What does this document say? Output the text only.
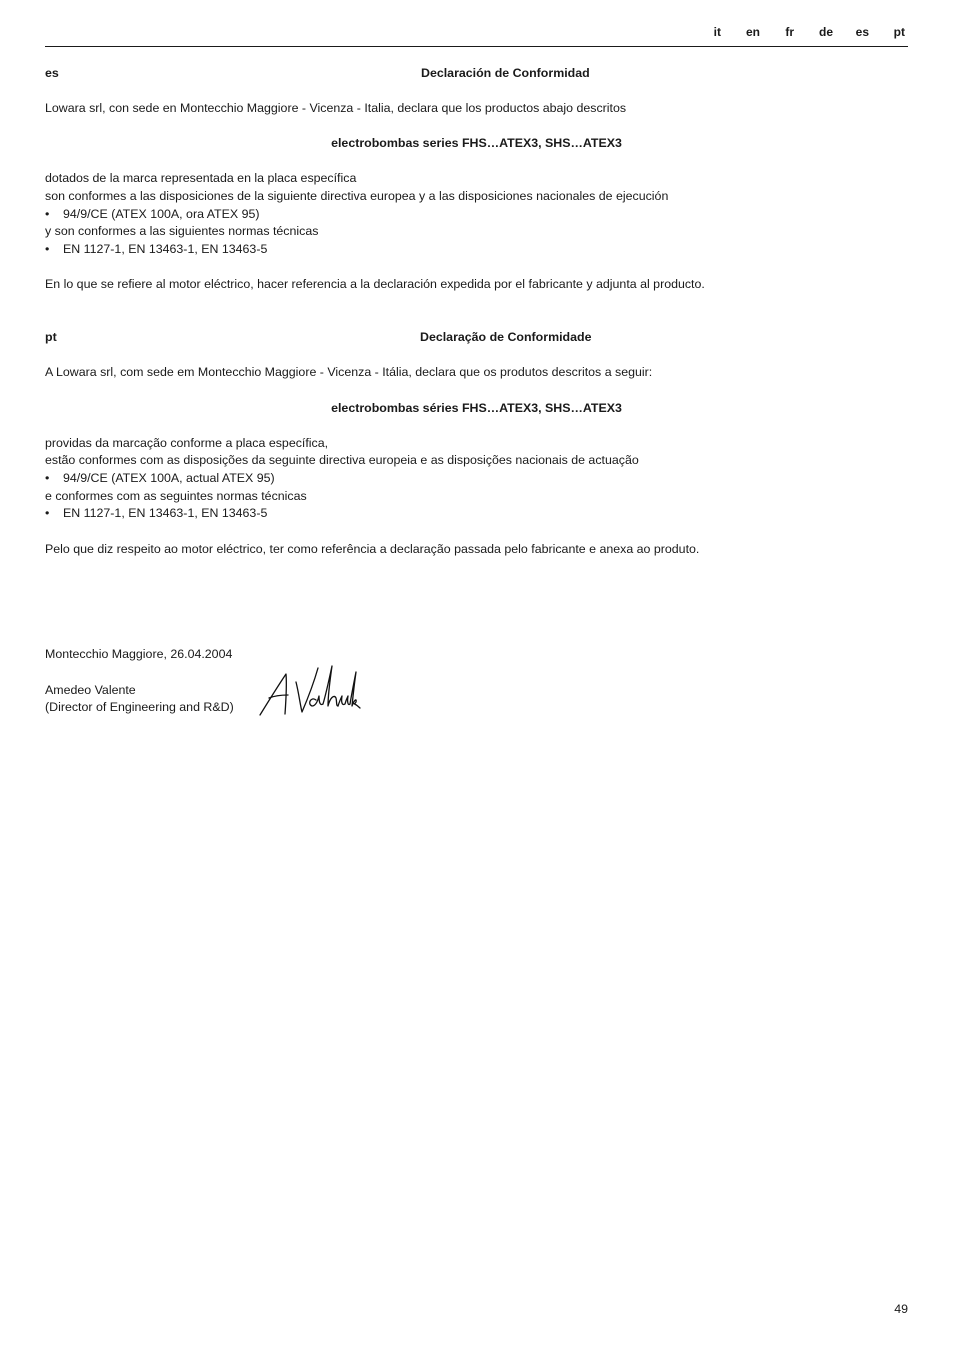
it en fr de es pt
es	Declaración de Conformidad
Lowara srl, con sede en Montecchio Maggiore - Vicenza - Italia, declara que los productos abajo descritos
electrobombas series FHS…ATEX3, SHS…ATEX3
dotados de la marca representada en la placa específica
son conformes a las disposiciones de la siguiente directiva europea y a las disposiciones nacionales de ejecución
• 94/9/CE (ATEX 100A, ora ATEX 95)
y son conformes a las siguientes normas técnicas
• EN 1127-1, EN 13463-1, EN 13463-5
En lo que se refiere al motor eléctrico, hacer referencia a la declaración expedida por el fabricante y adjunta al producto.
pt	Declaração de Conformidade
A Lowara srl, com sede em Montecchio Maggiore - Vicenza - Itália, declara que os produtos descritos a seguir:
electrobombas séries FHS…ATEX3, SHS…ATEX3
providas da marcação conforme a placa específica,
estão conformes com as disposições da seguinte directiva europeia e as disposições nacionais de actuação
• 94/9/CE (ATEX 100A, actual ATEX 95)
e conformes com as seguintes normas técnicas
• EN 1127-1, EN 13463-1, EN 13463-5
Pelo que diz respeito ao motor eléctrico, ter como referência a declaração passada pelo fabricante e anexa ao produto.
Montecchio Maggiore, 26.04.2004
Amedeo Valente
(Director of Engineering and R&D)
49
